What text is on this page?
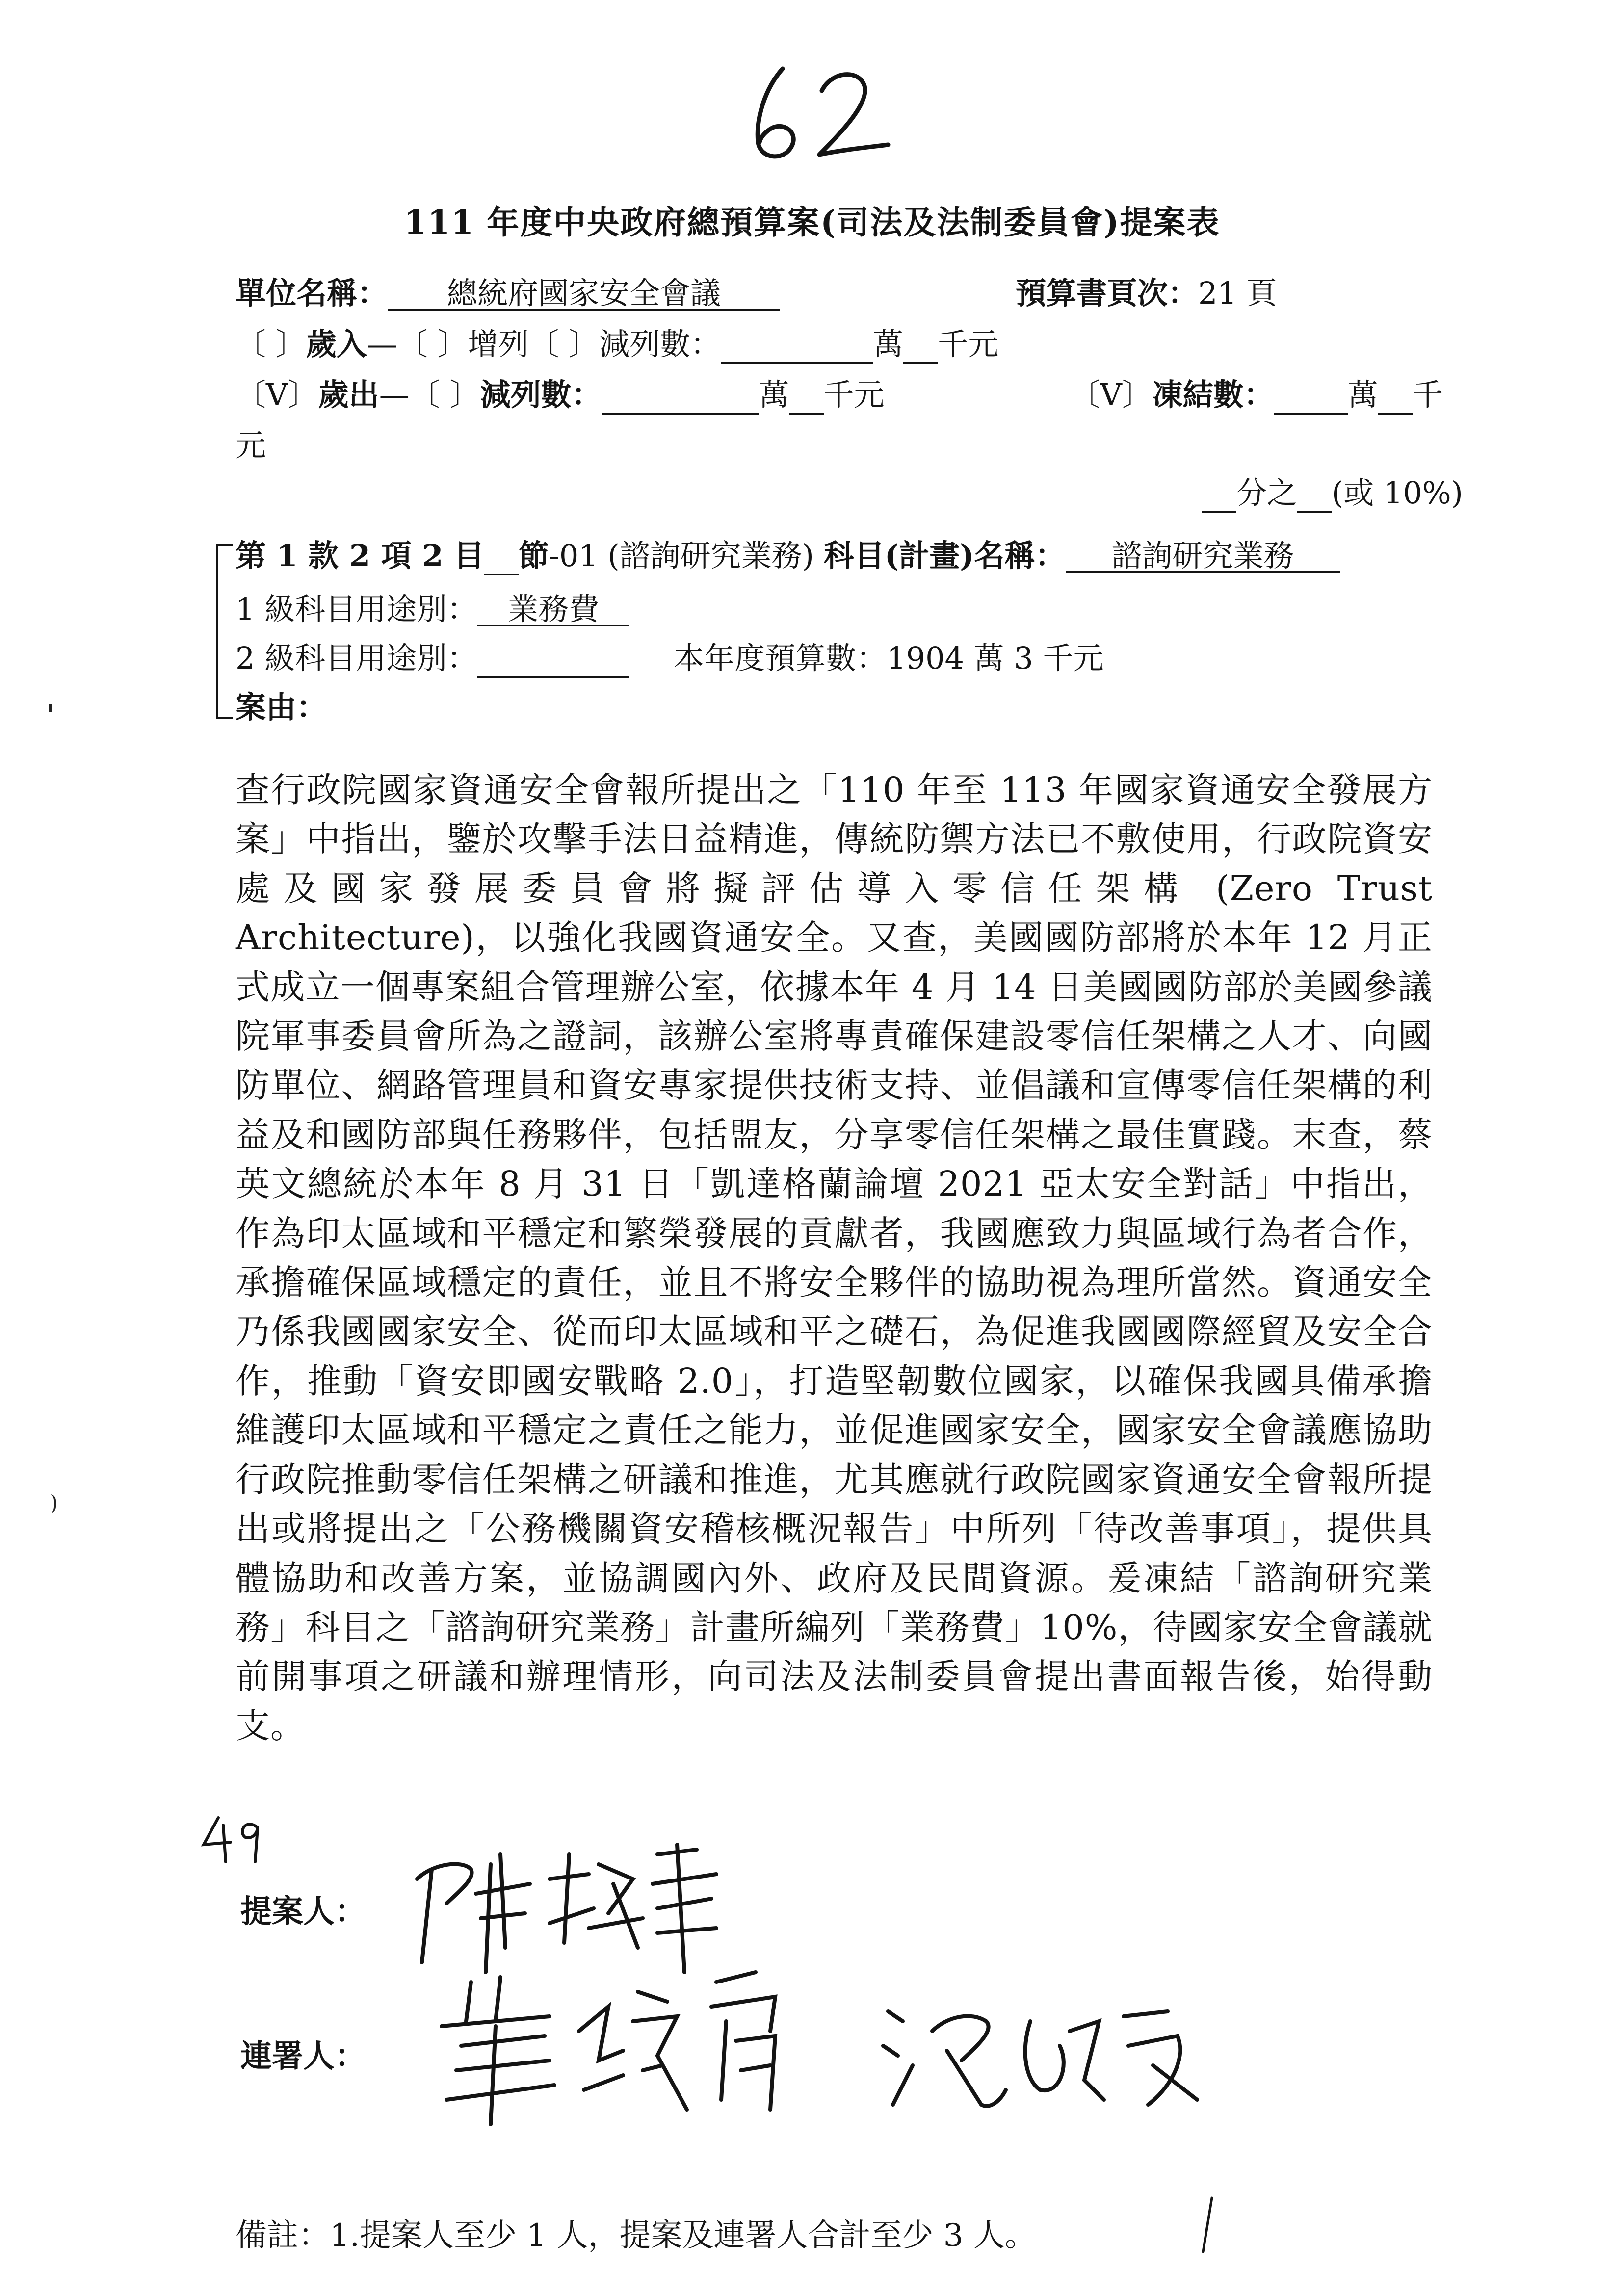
111 年度中央政府總預算案(司法及法制委員會)提案表
單位名稱： 總統府國家安全會議	預算書頁次：21 頁
〔 〕歲入—〔 〕增列〔 〕減列數：	萬 千元
〔V〕歲出—〔 〕減列數：	萬 千元	〔V〕凍結數： 萬 千
元
分之 (或 10%)
第 1 款 2 項 2 目 節-01 (諮詢研究業務) 科目(計畫)名稱： 諮詢研究業務
1 級科目用途別： 業務費
2 級科目用途別：	本年度預算數：1904 萬 3 千元
案由：
查行政院國家資通安全會報所提出之「110 年至 113 年國家資通安全發展方案」中指出，鑒於攻擊手法日益精進，傳統防禦方法已不敷使用，行政院資安處及國家發展委員會將擬評估導入零信任架構 (Zero Trust Architecture)，以強化我國資通安全。又查，美國國防部將於本年 12 月正式成立一個專案組合管理辦公室，依據本年 4 月 14 日美國國防部於美國參議院軍事委員會所為之證詞，該辦公室將專責確保建設零信任架構之人才、向國防單位、網路管理員和資安專家提供技術支持、並倡議和宣傳零信任架構的利益及和國防部與任務夥伴，包括盟友，分享零信任架構之最佳實踐。末查，蔡英文總統於本年 8 月 31 日「凱達格蘭論壇 2021 亞太安全對話」中指出，作為印太區域和平穩定和繁榮發展的貢獻者，我國應致力與區域行為者合作，承擔確保區域穩定的責任，並且不將安全夥伴的協助視為理所當然。資通安全乃係我國國家安全、從而印太區域和平之礎石，為促進我國國際經貿及安全合作，推動「資安即國安戰略 2.0」，打造堅韌數位國家，以確保我國具備承擔維護印太區域和平穩定之責任之能力，並促進國家安全，國家安全會議應協助行政院推動零信任架構之研議和推進，尤其應就行政院國家資通安全會報所提出或將提出之「公務機關資安稽核概況報告」中所列「待改善事項」，提供具體協助和改善方案，並協調國內外、政府及民間資源。爰凍結「諮詢研究業務」科目之「諮詢研究業務」計畫所編列「業務費」10%，待國家安全會議就前開事項之研議和辦理情形，向司法及法制委員會提出書面報告後，始得動支。
提案人：
連署人：
備註：1.提案人至少 1 人，提案及連署人合計至少 3 人。
